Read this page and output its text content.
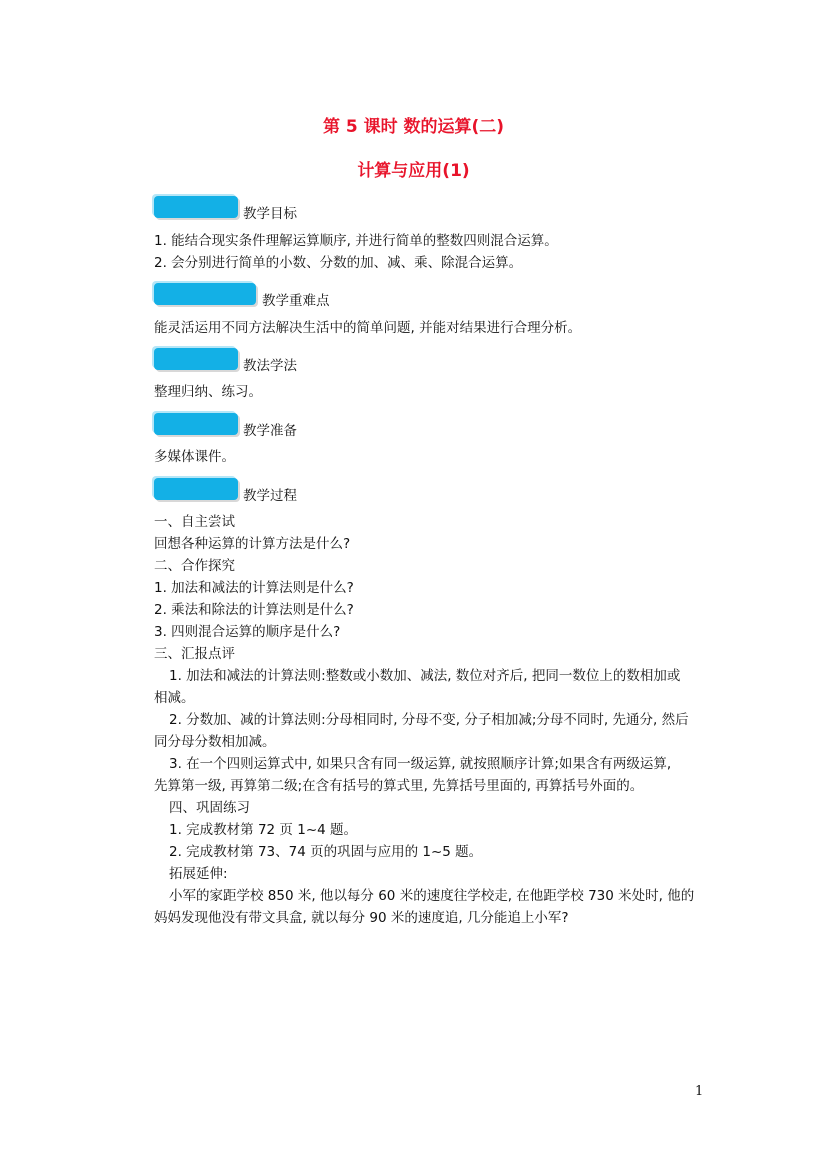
第 5 课时 数的运算(二)
计算与应用(1)
教学目标
1. 能结合现实条件理解运算顺序, 并进行简单的整数四则混合运算。
2. 会分别进行简单的小数、分数的加、减、乘、除混合运算。
教学重难点
能灵活运用不同方法解决生活中的简单问题, 并能对结果进行合理分析。
教法学法
整理归纳、练习。
教学准备
多媒体课件。
教学过程
一、自主尝试
回想各种运算的计算方法是什么?
二、合作探究
1. 加法和减法的计算法则是什么?
2. 乘法和除法的计算法则是什么?
3. 四则混合运算的顺序是什么?
三、汇报点评
1. 加法和减法的计算法则:整数或小数加、减法, 数位对齐后, 把同一数位上的数相加或
相减。
2. 分数加、减的计算法则:分母相同时, 分母不变, 分子相加减;分母不同时, 先通分, 然后
同分母分数相加减。
3. 在一个四则运算式中, 如果只含有同一级运算, 就按照顺序计算;如果含有两级运算,
先算第一级, 再算第二级;在含有括号的算式里, 先算括号里面的, 再算括号外面的。
四、巩固练习
1. 完成教材第 72 页 1~4 题。
2. 完成教材第 73、74 页的巩固与应用的 1~5 题。
拓展延伸:
小军的家距学校 850 米, 他以每分 60 米的速度往学校走, 在他距学校 730 米处时, 他的
妈妈发现他没有带文具盒, 就以每分 90 米的速度追, 几分能追上小军?
1
